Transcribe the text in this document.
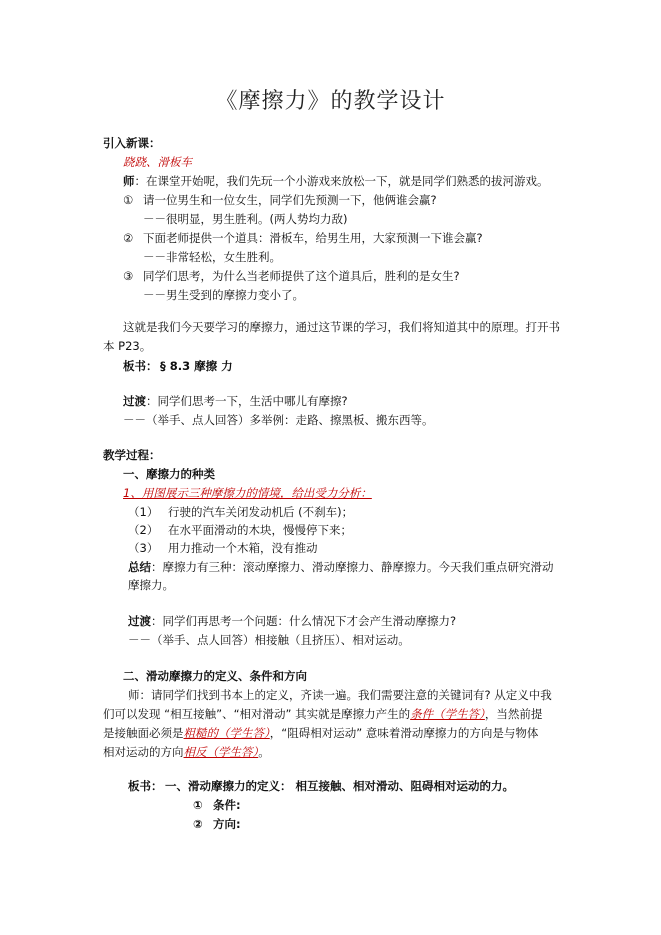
《摩擦力》的教学设计
引入新课：
跷跷、滑板车
师：在课堂开始呢，我们先玩一个小游戏来放松一下，就是同学们熟悉的拔河游戏。
① 请一位男生和一位女生，同学们先预测一下，他俩谁会赢?
－－很明显，男生胜利。(两人势均力敌)
② 下面老师提供一个道具：滑板车，给男生用，大家预测一下谁会赢?
－－非常轻松，女生胜利。
③ 同学们思考，为什么当老师提供了这个道具后，胜利的是女生?
－－男生受到的摩擦力变小了。
这就是我们今天要学习的摩擦力，通过这节课的学习，我们将知道其中的原理。打开书
本 P23。
板书： § 8.3 摩擦 力
过渡：同学们思考一下，生活中哪儿有摩擦?
－－（举手、点人回答）多举例：走路、擦黑板、搬东西等。
教学过程：
一、摩擦力的种类
1、用图展示三种摩擦力的情境，给出受力分析：
（1） 行驶的汽车关闭发动机后 (不刹车)；
（2） 在水平面滑动的木块，慢慢停下来；
（3） 用力推动一个木箱，没有推动
总结：摩擦力有三种：滚动摩擦力、滑动摩擦力、静摩擦力。今天我们重点研究滑动
摩擦力。
过渡：同学们再思考一个问题：什么情况下才会产生滑动摩擦力?
－－（举手、点人回答）相接触（且挤压）、相对运动。
二、滑动摩擦力的定义、条件和方向
师：请同学们找到书本上的定义，齐读一遍。我们需要注意的关键词有? 从定义中我
们可以发现 “相互接触”、“相对滑动” 其实就是摩擦力产生的条件（学生答），当然前提
是接触面必须是粗糙的（学生答），“阻碍相对运动” 意味着滑动摩擦力的方向是与物体
相对运动的方向相反（学生答）。
板书： 一、滑动摩擦力的定义： 相互接触、相对滑动、阻碍相对运动的力。
① 条件:
② 方向:
